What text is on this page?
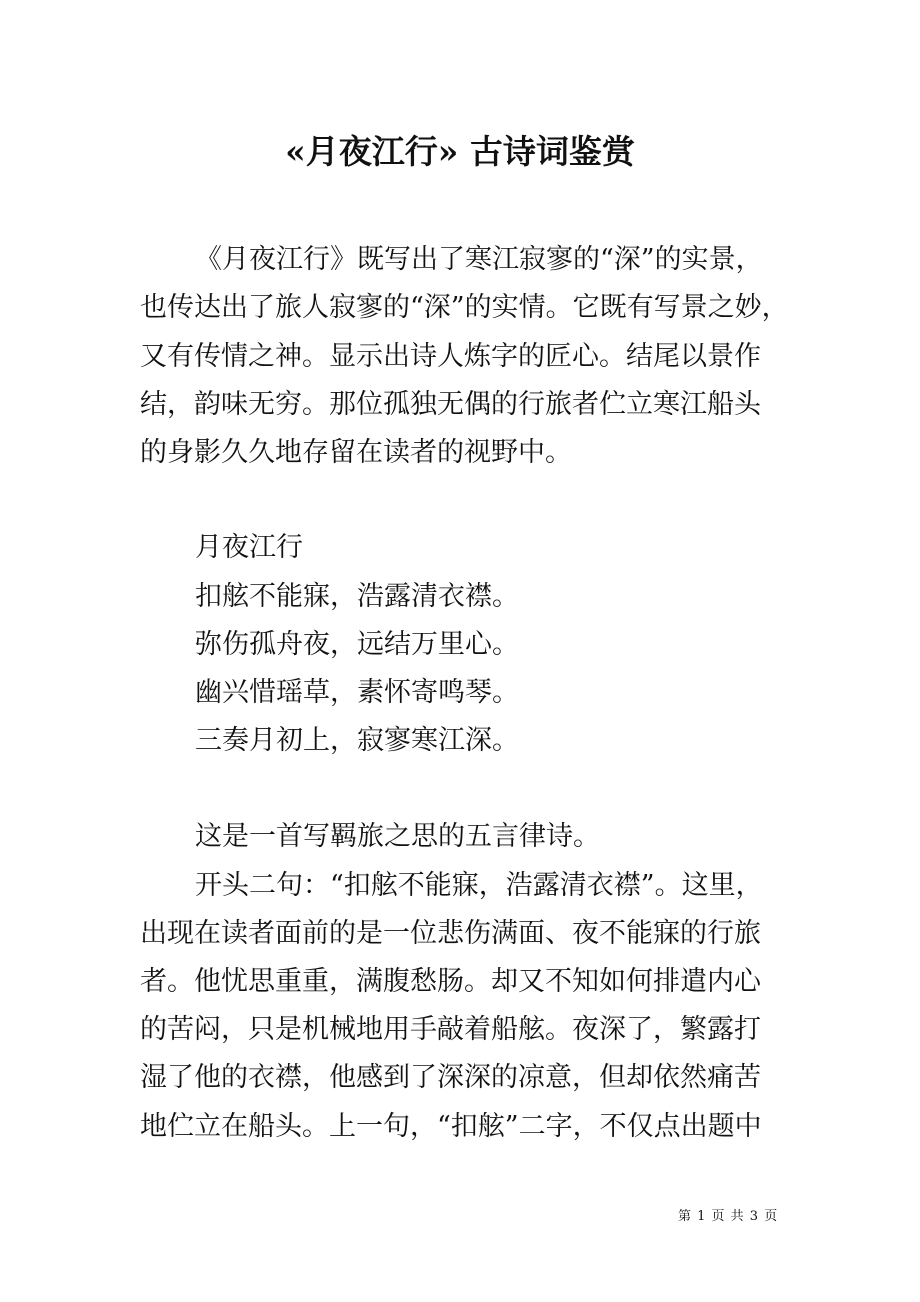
«月夜江行» 古诗词鉴赏
《月夜江行》既写出了寒江寂寥的“深”的实景，
也传达出了旅人寂寥的“深”的实情。它既有写景之妙，
又有传情之神。显示出诗人炼字的匠心。结尾以景作
结，韵味无穷。那位孤独无偶的行旅者伫立寒江船头
的身影久久地存留在读者的视野中。
月夜江行
扣舷不能寐，浩露清衣襟。
弥伤孤舟夜，远结万里心。
幽兴惜瑶草，素怀寄鸣琴。
三奏月初上，寂寥寒江深。
这是一首写羁旅之思的五言律诗。
开头二句：“扣舷不能寐，浩露清衣襟”。这里，
出现在读者面前的是一位悲伤满面、夜不能寐的行旅
者。他忧思重重，满腹愁肠。却又不知如何排遣内心
的苦闷，只是机械地用手敲着船舷。夜深了，繁露打
湿了他的衣襟，他感到了深深的凉意，但却依然痛苦
地伫立在船头。上一句，“扣舷”二字，不仅点出题中
第 1 页 共 3 页
